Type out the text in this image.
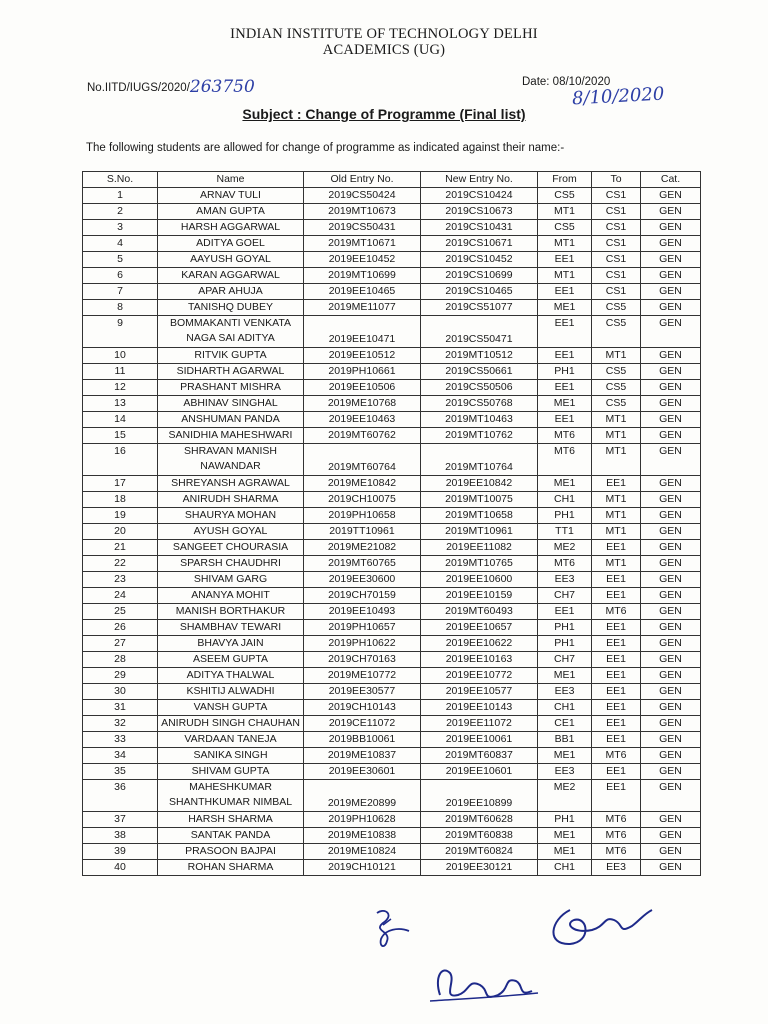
INDIAN INSTITUTE OF TECHNOLOGY DELHI
ACADEMICS (UG)
No.IITD/IUGS/2020/263750	Date: 08/10/2020
8/10/2020
Subject : Change of Programme (Final list)
The following students are allowed for change of programme as indicated against their name:-
S.No.	Name	Old Entry No.	New Entry No.	From	To	Cat.
1	ARNAV TULI	2019CS50424	2019CS10424	CS5	CS1	GEN
2	AMAN GUPTA	2019MT10673	2019CS10673	MT1	CS1	GEN
3	HARSH AGGARWAL	2019CS50431	2019CS10431	CS5	CS1	GEN
4	ADITYA GOEL	2019MT10671	2019CS10671	MT1	CS1	GEN
5	AAYUSH GOYAL	2019EE10452	2019CS10452	EE1	CS1	GEN
6	KARAN AGGARWAL	2019MT10699	2019CS10699	MT1	CS1	GEN
7	APAR AHUJA	2019EE10465	2019CS10465	EE1	CS1	GEN
8	TANISHQ DUBEY	2019ME11077	2019CS51077	ME1	CS5	GEN
9	BOMMAKANTI VENKATA
NAGA SAI ADITYA	2019EE10471	2019CS50471	EE1	CS5	GEN
10	RITVIK GUPTA	2019EE10512	2019MT10512	EE1	MT1	GEN
11	SIDHARTH AGARWAL	2019PH10661	2019CS50661	PH1	CS5	GEN
12	PRASHANT MISHRA	2019EE10506	2019CS50506	EE1	CS5	GEN
13	ABHINAV SINGHAL	2019ME10768	2019CS50768	ME1	CS5	GEN
14	ANSHUMAN PANDA	2019EE10463	2019MT10463	EE1	MT1	GEN
15	SANIDHIA MAHESHWARI	2019MT60762	2019MT10762	MT6	MT1	GEN
16	SHRAVAN MANISH
NAWANDAR	2019MT60764	2019MT10764	MT6	MT1	GEN
17	SHREYANSH AGRAWAL	2019ME10842	2019EE10842	ME1	EE1	GEN
18	ANIRUDH SHARMA	2019CH10075	2019MT10075	CH1	MT1	GEN
19	SHAURYA MOHAN	2019PH10658	2019MT10658	PH1	MT1	GEN
20	AYUSH GOYAL	2019TT10961	2019MT10961	TT1	MT1	GEN
21	SANGEET CHOURASIA	2019ME21082	2019EE11082	ME2	EE1	GEN
22	SPARSH CHAUDHRI	2019MT60765	2019MT10765	MT6	MT1	GEN
23	SHIVAM GARG	2019EE30600	2019EE10600	EE3	EE1	GEN
24	ANANYA MOHIT	2019CH70159	2019EE10159	CH7	EE1	GEN
25	MANISH BORTHAKUR	2019EE10493	2019MT60493	EE1	MT6	GEN
26	SHAMBHAV TEWARI	2019PH10657	2019EE10657	PH1	EE1	GEN
27	BHAVYA JAIN	2019PH10622	2019EE10622	PH1	EE1	GEN
28	ASEEM GUPTA	2019CH70163	2019EE10163	CH7	EE1	GEN
29	ADITYA THALWAL	2019ME10772	2019EE10772	ME1	EE1	GEN
30	KSHITIJ ALWADHI	2019EE30577	2019EE10577	EE3	EE1	GEN
31	VANSH GUPTA	2019CH10143	2019EE10143	CH1	EE1	GEN
32	ANIRUDH SINGH CHAUHAN	2019CE11072	2019EE11072	CE1	EE1	GEN
33	VARDAAN TANEJA	2019BB10061	2019EE10061	BB1	EE1	GEN
34	SANIKA SINGH	2019ME10837	2019MT60837	ME1	MT6	GEN
35	SHIVAM GUPTA	2019EE30601	2019EE10601	EE3	EE1	GEN
36	MAHESHKUMAR
SHANTHKUMAR NIMBAL	2019ME20899	2019EE10899	ME2	EE1	GEN
37	HARSH SHARMA	2019PH10628	2019MT60628	PH1	MT6	GEN
38	SANTAK PANDA	2019ME10838	2019MT60838	ME1	MT6	GEN
39	PRASOON BAJPAI	2019ME10824	2019MT60824	ME1	MT6	GEN
40	ROHAN SHARMA	2019CH10121	2019EE30121	CH1	EE3	GEN
